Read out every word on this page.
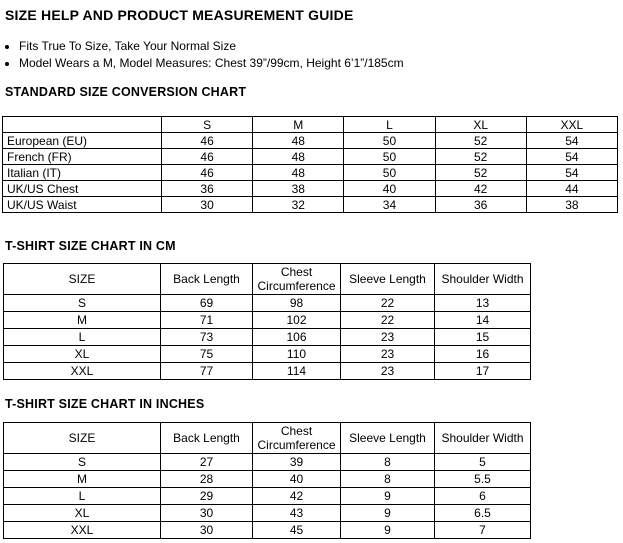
SIZE HELP AND PRODUCT MEASUREMENT GUIDE
• Fits True To Size, Take Your Normal Size
• Model Wears a M, Model Measures: Chest 39”/99cm, Height 6’1”/185cm
STANDARD SIZE CONVERSION CHART
	S	M	L	XL	XXL
European (EU)	46	48	50	52	54
French (FR)	46	48	50	52	54
Italian (IT)	46	48	50	52	54
UK/US Chest	36	38	40	42	44
UK/US Waist	30	32	34	36	38
T-SHIRT SIZE CHART IN CM
SIZE	Back Length	Chest Circumference	Sleeve Length	Shoulder Width
S	69	98	22	13
M	71	102	22	14
L	73	106	23	15
XL	75	110	23	16
XXL	77	114	23	17
T-SHIRT SIZE CHART IN INCHES
SIZE	Back Length	Chest Circumference	Sleeve Length	Shoulder Width
S	27	39	8	5
M	28	40	8	5.5
L	29	42	9	6
XL	30	43	9	6.5
XXL	30	45	9	7
